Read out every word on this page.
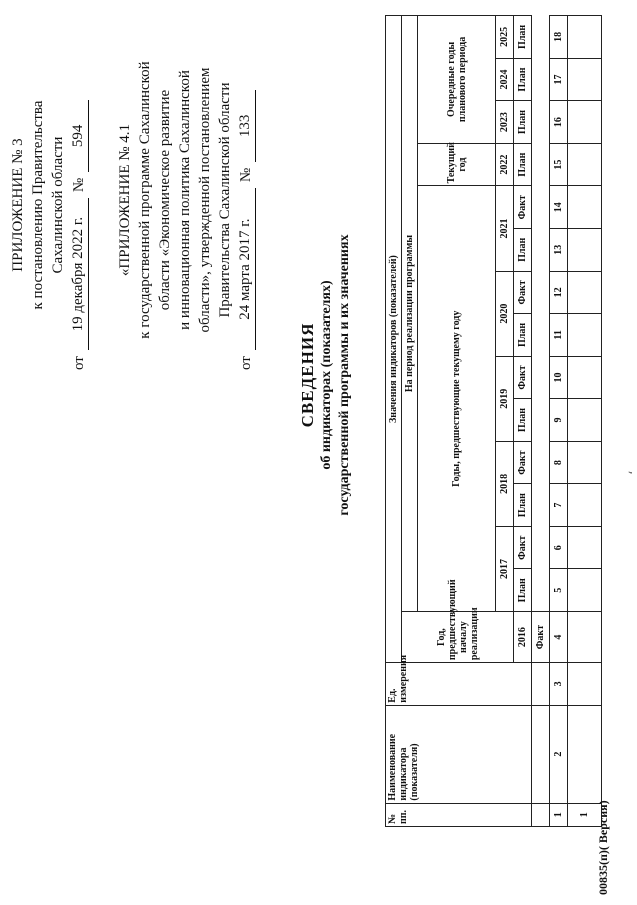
ПРИЛОЖЕНИЕ № 3 к постановлению Правительства Сахалинской области
от
19 декабря 2022 г.
№
594 «ПРИЛОЖЕНИЕ № 4.1 к государственной программе Сахалинской области «Экономическое развитие и инновационная политика Сахалинской области», утвержденной постановлением Правительства Сахалинской области
от
24 марта 2017 г.
№
133
СВЕДЕНИЯ об индикаторах (показателях) государственной программы и их значениях
№ пп.	Наименование индикатора (показателя)	Ед. измерения	Значения индикаторов (показателей)														
			Год, предшествующий началу реализации	На период реализации программы													
				Годы, предшествующие текущему году										Текущий год	Очередные годы планового периода		
				2017		2018		2019		2020		2021		2022	2023	2024	2025
			2016	План	Факт	План	Факт	План	Факт	План	Факт	План	Факт	План	План	План	План
			Факт														
1	2	3	4	5	6	7	8	9	10	11	12	13	14	15	16	17	18
1																	00835(п)( Версия)
،
